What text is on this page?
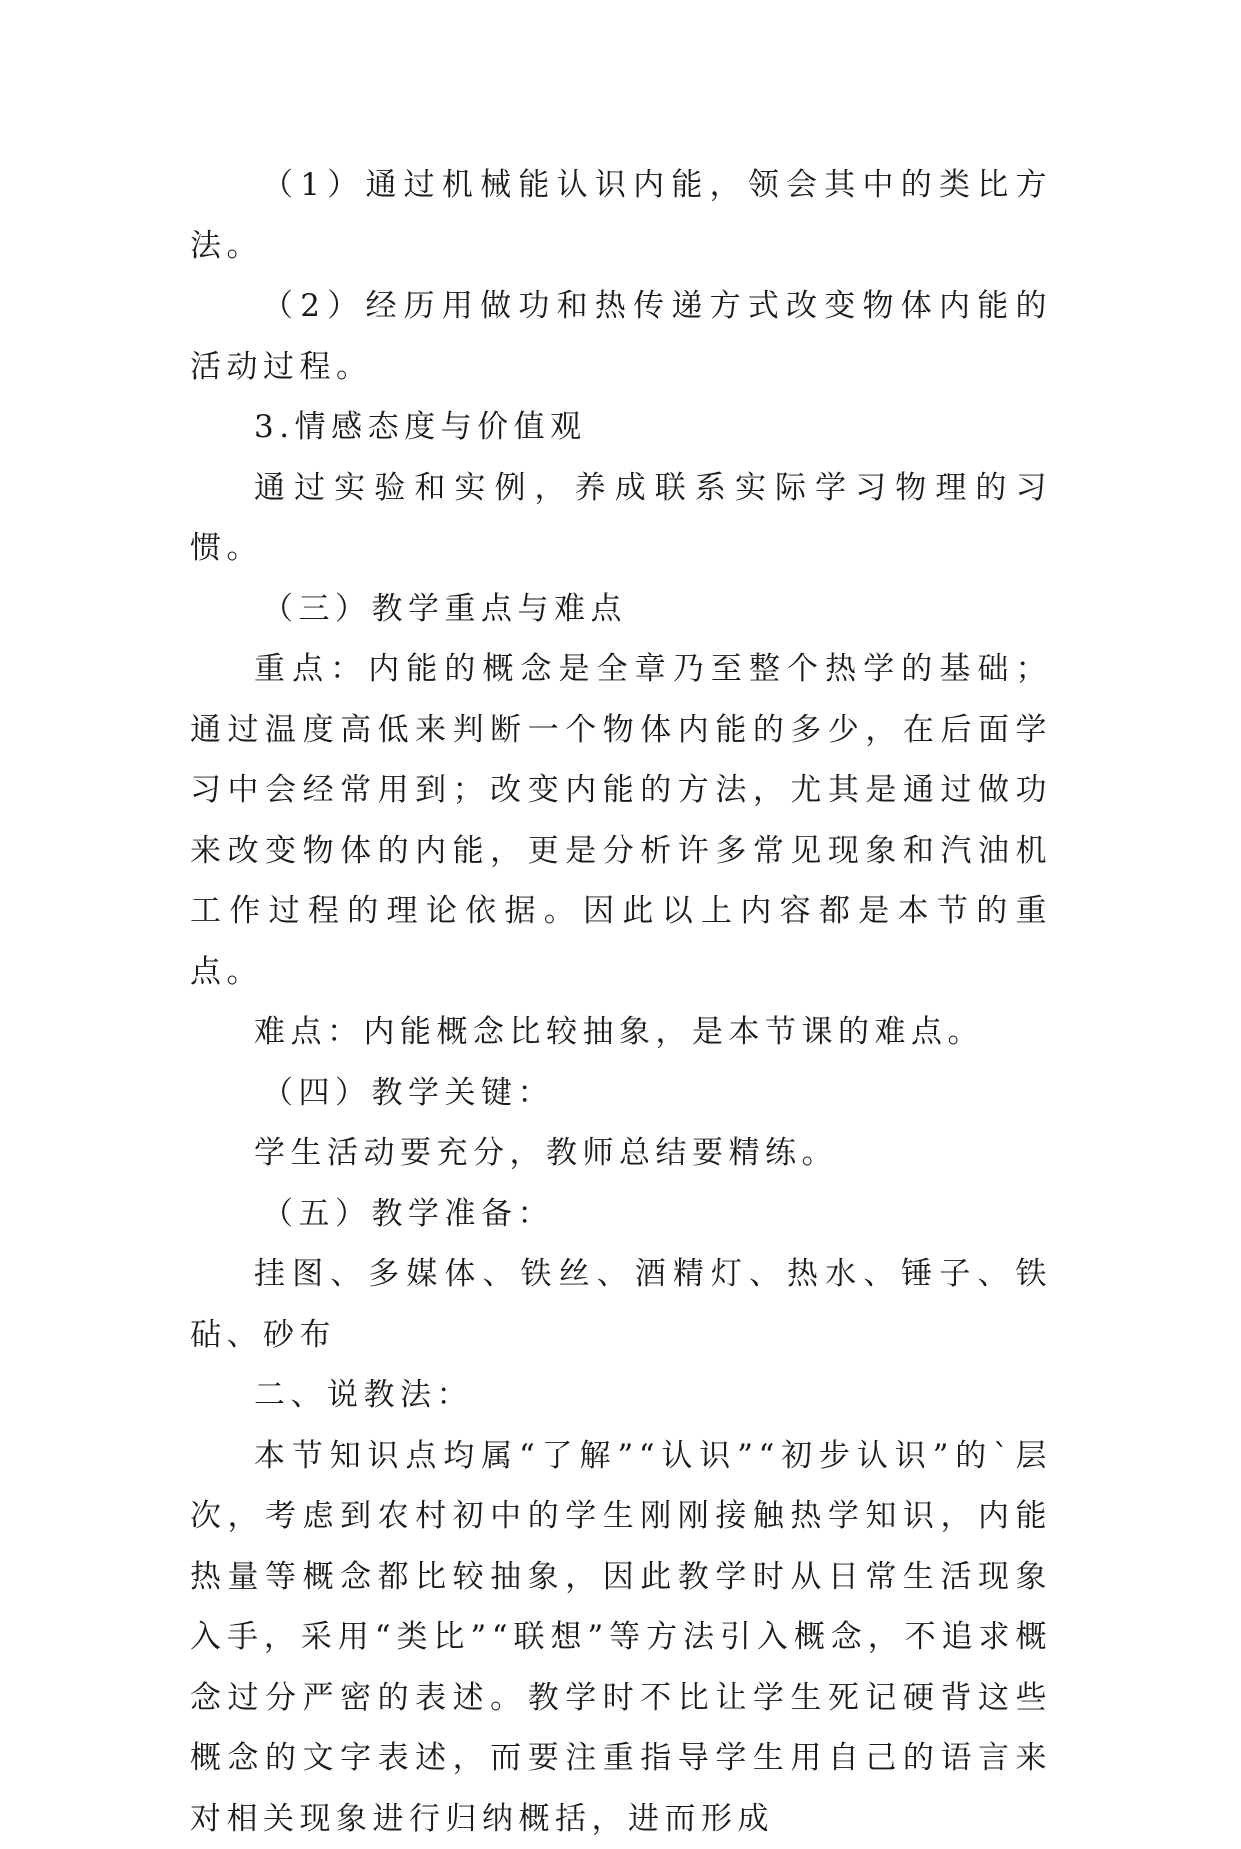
（1）通过机械能认识内能，领会其中的类比方法。

（2）经历用做功和热传递方式改变物体内能的活动过程。

3.情感态度与价值观

通过实验和实例，养成联系实际学习物理的习惯。

（三）教学重点与难点

重点：内能的概念是全章乃至整个热学的基础；通过温度高低来判断一个物体内能的多少，在后面学习中会经常用到；改变内能的方法，尤其是通过做功来改变物体的内能，更是分析许多常见现象和汽油机工作过程的理论依据。因此以上内容都是本节的重点。

难点：内能概念比较抽象，是本节课的难点。

（四）教学关键：

学生活动要充分，教师总结要精练。

（五）教学准备：

挂图、多媒体、铁丝、酒精灯、热水、锤子、铁砧、砂布

二、说教法：

本节知识点均属“了解”“认识”“初步认识”的`层次，考虑到农村初中的学生刚刚接触热学知识，内能热量等概念都比较抽象，因此教学时从日常生活现象入手，采用“类比”“联想”等方法引入概念，不追求概念过分严密的表述。教学时不比让学生死记硬背这些概念的文字表述，而要注重指导学生用自己的语言来对相关现象进行归纳概括，进而形成
